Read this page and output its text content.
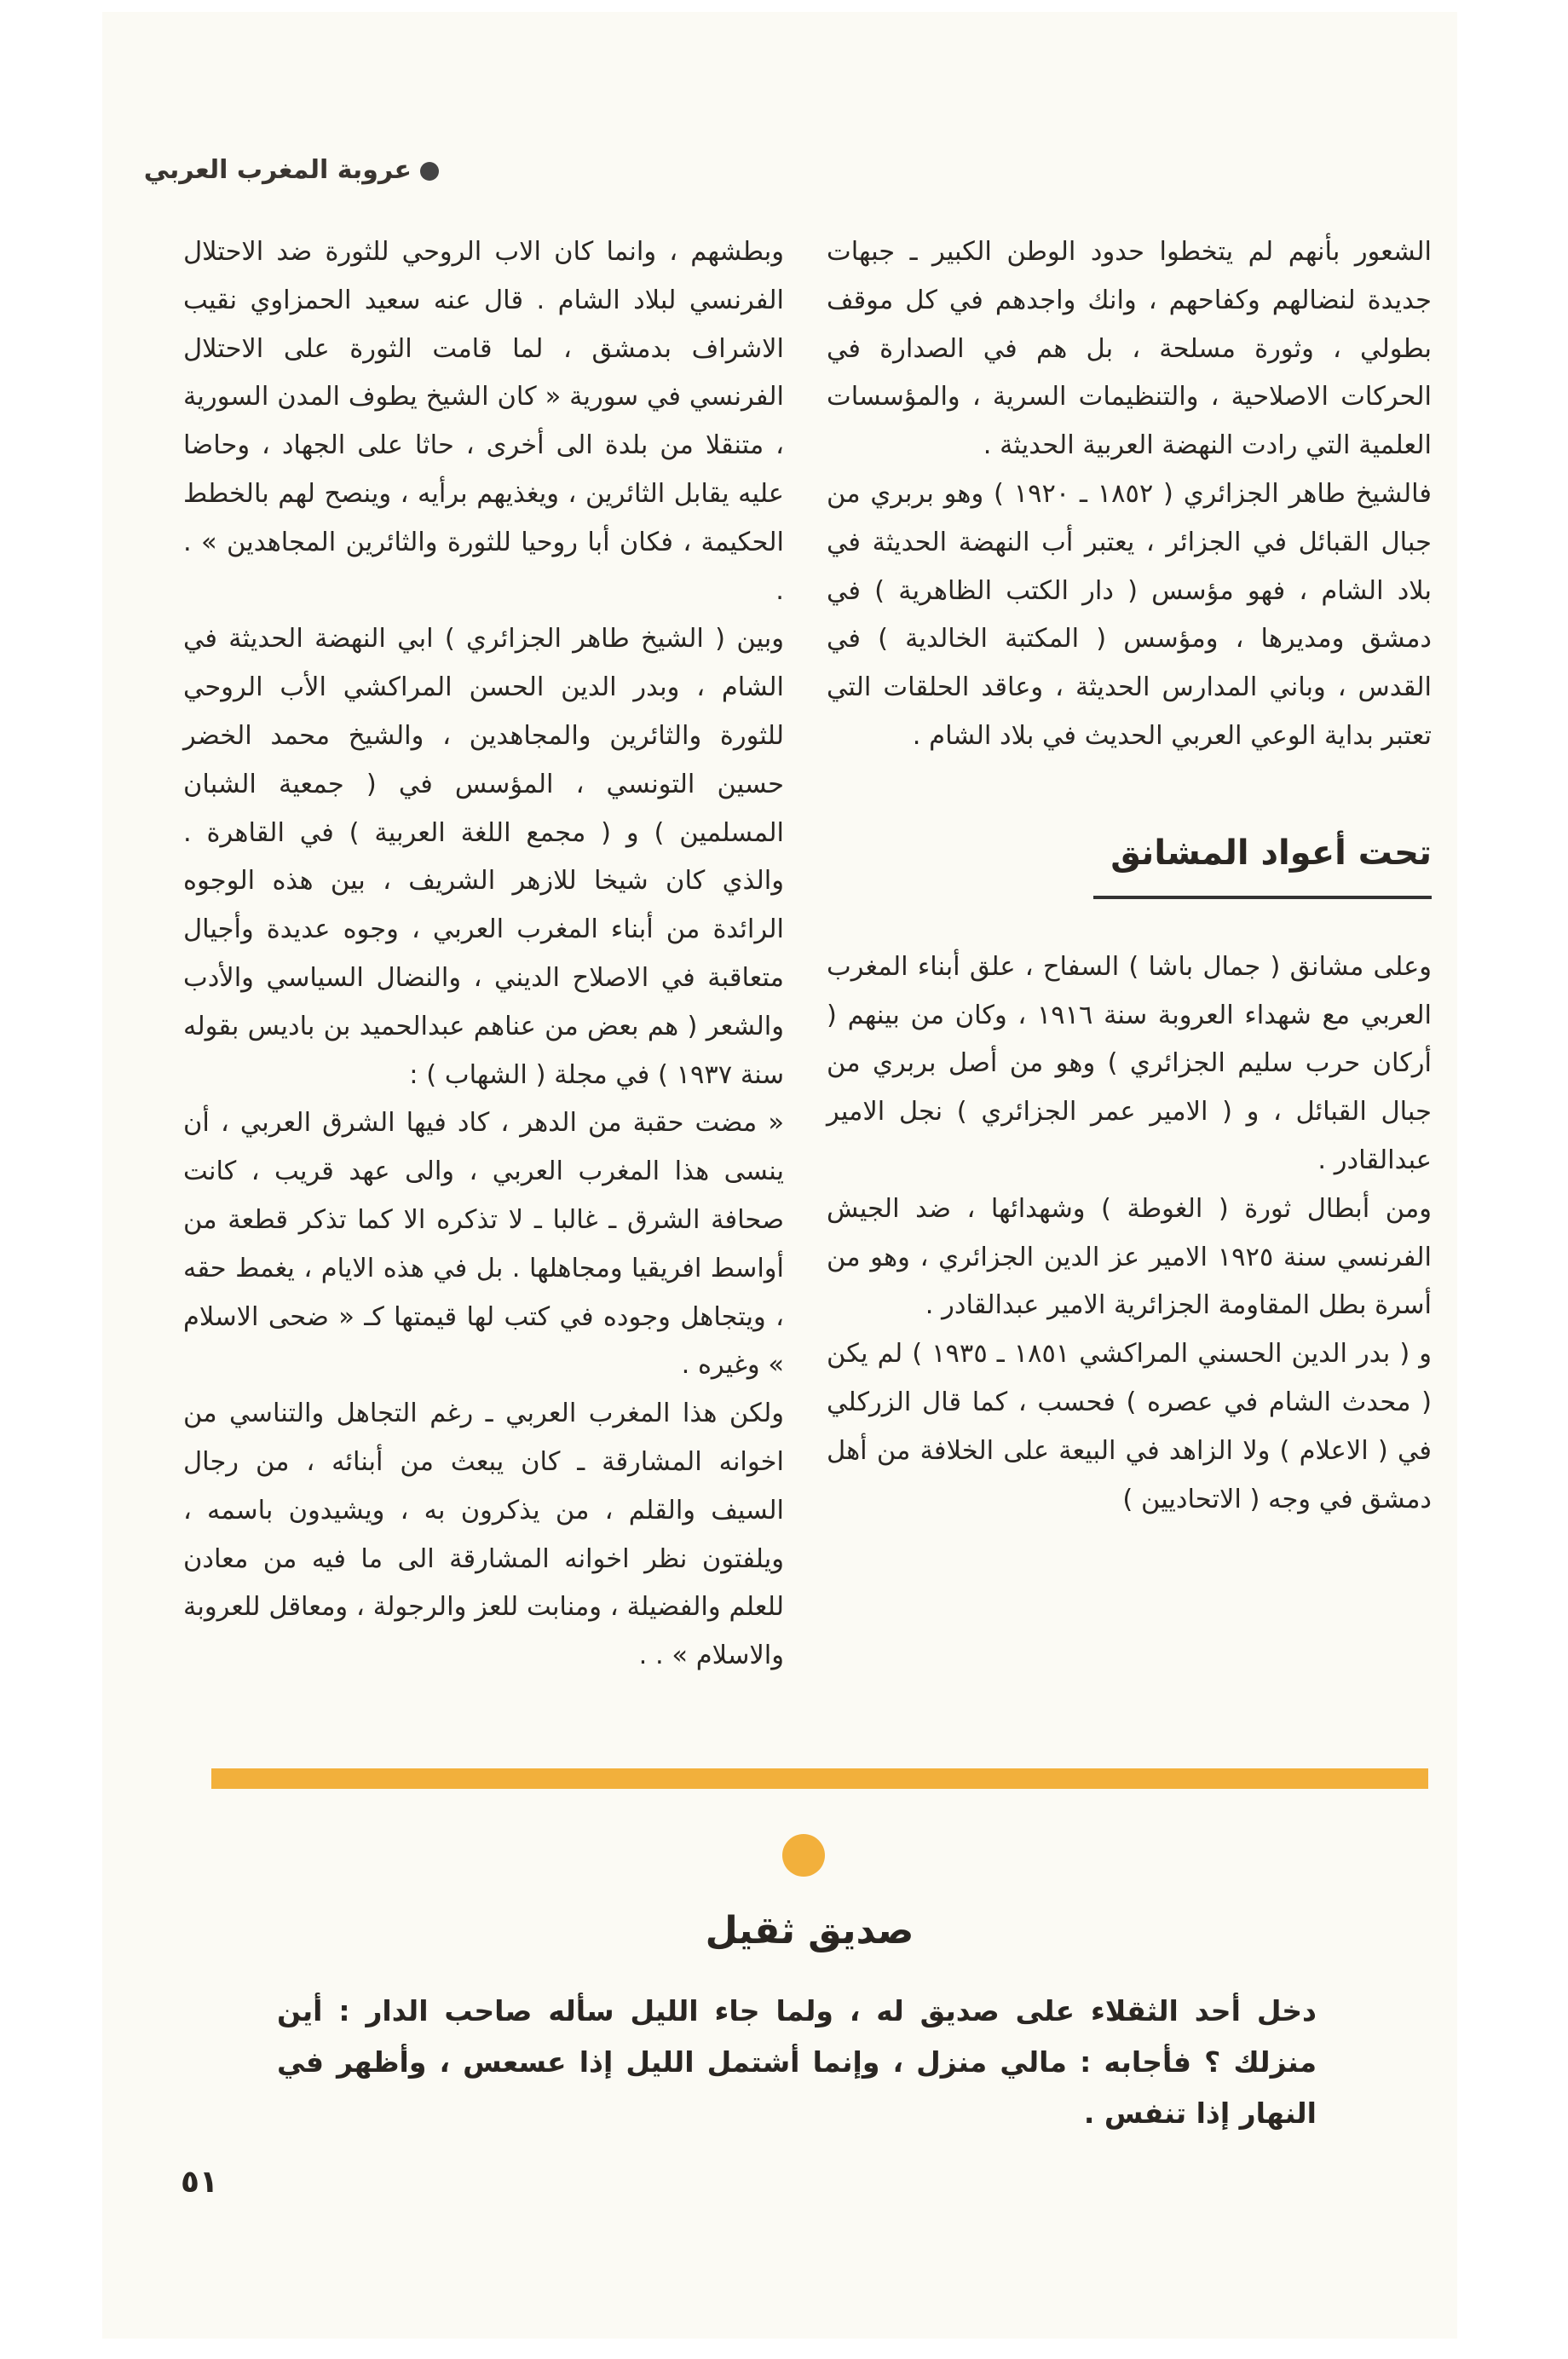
عروبة المغرب العربي

الشعور بأنهم لم يتخطوا حدود الوطن الكبير ـ جبهات جديدة لنضالهم وكفاحهم ، وانك واجدهم في كل موقف بطولي ، وثورة مسلحة ، بل هم في الصدارة في الحركات الاصلاحية ، والتنظيمات السرية ، والمؤسسات العلمية التي رادت النهضة العربية الحديثة .

فالشيخ طاهر الجزائري ( ١٨٥٢ ـ ١٩٢٠ ) وهو بربري من جبال القبائل في الجزائر ، يعتبر أب النهضة الحديثة في بلاد الشام ، فهو مؤسس ( دار الكتب الظاهرية ) في دمشق ومديرها ، ومؤسس ( المكتبة الخالدية ) في القدس ، وباني المدارس الحديثة ، وعاقد الحلقات التي تعتبر بداية الوعي العربي الحديث في بلاد الشام .

تحت أعواد المشانق

وعلى مشانق ( جمال باشا ) السفاح ، علق أبناء المغرب العربي مع شهداء العروبة سنة ١٩١٦ ، وكان من بينهم ( أركان حرب سليم الجزائري ) وهو من أصل بربري من جبال القبائل ، و ( الامير عمر الجزائري ) نجل الامير عبدالقادر .

ومن أبطال ثورة ( الغوطة ) وشهدائها ، ضد الجيش الفرنسي سنة ١٩٢٥ الامير عز الدين الجزائري ، وهو من أسرة بطل المقاومة الجزائرية الامير عبدالقادر .

و ( بدر الدين الحسني المراكشي ١٨٥١ ـ ١٩٣٥ ) لم يكن ( محدث الشام في عصره ) فحسب ، كما قال الزركلي في ( الاعلام ) ولا الزاهد في البيعة على الخلافة من أهل دمشق في وجه ( الاتحاديين )

وبطشهم ، وانما كان الاب الروحي للثورة ضد الاحتلال الفرنسي لبلاد الشام . قال عنه سعيد الحمزاوي نقيب الاشراف بدمشق ، لما قامت الثورة على الاحتلال الفرنسي في سورية « كان الشيخ يطوف المدن السورية ، متنقلا من بلدة الى أخرى ، حاثا على الجهاد ، وحاضا عليه يقابل الثائرين ، ويغذيهم برأيه ، وينصح لهم بالخطط الحكيمة ، فكان أبا روحيا للثورة والثائرين المجاهدين » . .

وبين ( الشيخ طاهر الجزائري ) ابي النهضة الحديثة في الشام ، وبدر الدين الحسن المراكشي الأب الروحي للثورة والثائرين والمجاهدين ، والشيخ محمد الخضر حسين التونسي ، المؤسس في ( جمعية الشبان المسلمين ) و ( مجمع اللغة العربية ) في القاهرة . والذي كان شيخا للازهر الشريف ، بين هذه الوجوه الرائدة من أبناء المغرب العربي ، وجوه عديدة وأجيال متعاقبة في الاصلاح الديني ، والنضال السياسي والأدب والشعر ( هم بعض من عناهم عبدالحميد بن باديس بقوله سنة ١٩٣٧ ) في مجلة ( الشهاب ) :

« مضت حقبة من الدهر ، كاد فيها الشرق العربي ، أن ينسى هذا المغرب العربي ، والى عهد قريب ، كانت صحافة الشرق ـ غالبا ـ لا تذكره الا كما تذكر قطعة من أواسط افريقيا ومجاهلها . بل في هذه الايام ، يغمط حقه ، ويتجاهل وجوده في كتب لها قيمتها كـ « ضحى الاسلام » وغيره .

ولكن هذا المغرب العربي ـ رغم التجاهل والتناسي من اخوانه المشارقة ـ كان يبعث من أبنائه ، من رجال السيف والقلم ، من يذكرون به ، ويشيدون باسمه ، ويلفتون نظر اخوانه المشارقة الى ما فيه من معادن للعلم والفضيلة ، ومنابت للعز والرجولة ، ومعاقل للعروبة والاسلام » . .

صديق ثقيل
دخل أحد الثقلاء على صديق له ، ولما جاء الليل سأله صاحب الدار : أين منزلك ؟ فأجابه : مالي منزل ، وإنما أشتمل الليل إذا عسعس ، وأظهر في النهار إذا تنفس .
٥١
